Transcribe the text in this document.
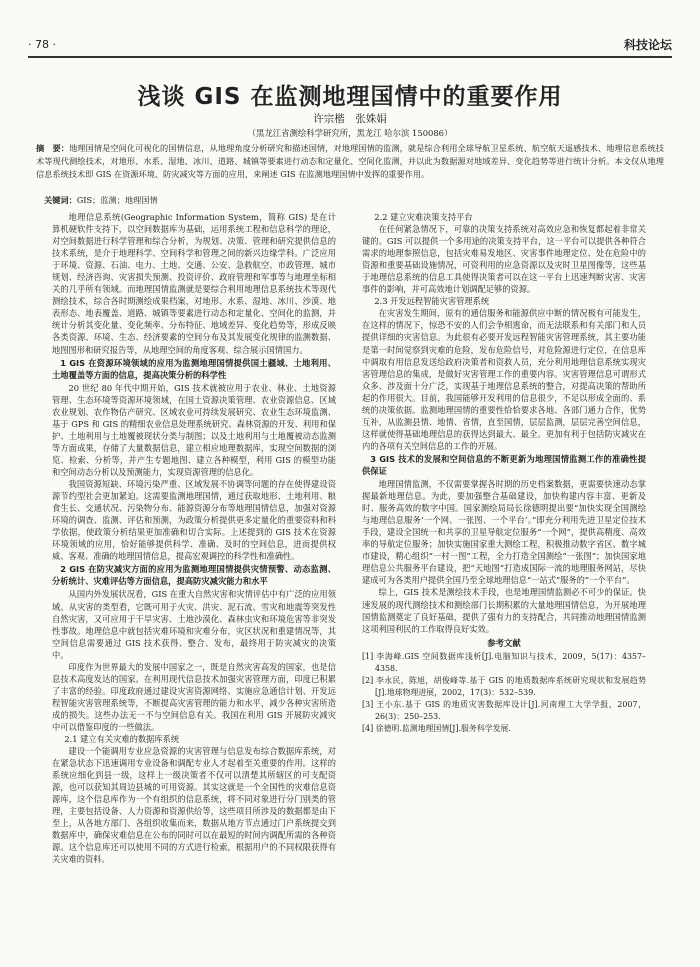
· 78 ·	科技论坛
浅谈 GIS 在监测地理国情中的重要作用
许宗楷　张姝娟
（黑龙江省测绘科学研究所，黑龙江 哈尔滨 150086）
摘　要：地理国情是空间化可视化的国情信息，从地理角度分析研究和描述国情，对地理国情的监测，就是综合利用全球导航卫星系统、航空航天遥感技术、地理信息系统技术等现代测绘技术，对地形、水系、湿地、冰川、道路、城镇等要素进行动态和定量化、空间化监测，并以此为数据源对地域差异、变化趋势等进行统计分析。本文仅从地理信息系统技术即 GIS 在资源环境、防灾减灾等方面的应用，来阐述 GIS 在监测地理国情中发挥的重要作用。
关键词：GIS；监测；地理国情

地理信息系统(Geographic Information System，简称 GIS) 是在计算机硬软件支持下，以空间数据库为基础，运用系统工程和信息科学的理论，对空间数据进行科学管理和综合分析，为规划、决策、管理和研究提供信息的技术系统，是介于地理科学、空间科学和管理之间的新兴边缘学科。广泛应用于环境、资源、石油、电力、土地、交通、公安、急救航空、市政管理、城市规划、经济咨询、灾害损失预测、投资评价、政府管理和军事等与地理坐标相关的几乎所有领域。而地理国情监测就是要综合利用地理信息系统技术等现代测绘技术，综合各时期测绘成果档案，对地形、水系、湿地、冰川、沙漠、地表形态、地表覆盖、道路、城镇等要素进行动态和定量化、空间化的监测，并统计分析其变化量、变化频率、分布特征、地域差异、变化趋势等，形成反映各类资源、环境、生态、经济要素的空间分布及其发展变化规律的监测数据、地图图形和研究报告等，从地理空间的角度客观、综合展示国情国力。

1 GIS 在资源环境领域的应用为监测地理国情提供国土疆域、土地利用、土地覆盖等方面的信息，提高决策分析的科学性

20 世纪 80 年代中期开始，GIS 技术就被应用于农业、林业、土地资源管理、生态环境等资源环境领域，在国土资源决策管理、农业资源信息、区域农业规划、农作物估产研究、区域农业可持续发展研究、农业生态环境监测、基于 GPS 和 GIS 的精细农业信息处理系统研究、森林资源的开发、利用和保护、土地利用与土地覆被现状分类与制图；以及土地利用与土地覆被动态监测等方面成果，存储了大量数据信息，建立相应地理数据库，实现空间数据的浏览、检索、分析等，并产生专题地图、建立各种模型，利用 GIS 的模型功能和空间动态分析以及预测能力，实现资源管理的信息化。

我国资源短缺、环境污染严重、区域发展不协调等问题的存在使得建设资源节约型社会更加紧迫。这需要监测地理国情，通过获取地形、土地利用、粮食生长、交通状况、污染物分布、能源资源分布等地理国情信息，加强对资源环境的调查、监测、评估和预测，为政策分析提供更多定量化的重要资料和科学依据，使政策分析结果更加准确和切合实际。上述提到的 GIS 技术在资源环境领域的应用，恰好能够提供科学、准确、及时的空间信息，进而提供权威、客观、准确的地理国情信息，提高宏观调控的科学性和准确性。

2 GIS 在防灾减灾方面的应用为监测地理国情提供灾情预警、动态监测、分析统计、灾难评估等方面信息，提高防灾减灾能力和水平

从国内外发展状况看，GIS 在重大自然灾害和灾情评估中有广泛的应用领域。从灾害的类型看，它既可用于火灾、洪灾、泥石流、雪灾和地震等突发性自然灾害，又可应用于干旱灾害、土地沙漠化、森林虫灾和环境危害等非突发性事故。地理信息中就包括灾难环境和灾难分布，灾区状况和重建情况等，其空间信息需要通过 GIS 技术获得、整合、发布，最终用于防灾减灾的决策中。

印度作为世界最大的发展中国家之一，既是自然灾害高发的国家，也是信息技术高度发达的国家。在利用现代信息技术加强灾害管理方面，印度已积累了丰富的经验。印度政府通过建设灾害资源网络、实施应急通信计划、开发远程智能灾害管理系统等，不断提高灾害管理的能力和水平，减少各种灾害所造成的损失。这些办法无一不与空间信息有关。我国在利用 GIS 开展防灾减灾中可以借鉴印度的一些做法。

2.1 建立有关灾难的数据库系统

建设一个能调用专业应急资源的灾害管理与信息发布综合数据库系统，对在紧急状态下迅速调用专业设备和调配专业人才起着至关重要的作用。这样的系统应细化到县一级，这样上一级决策者不仅可以清楚其所辖区的可支配资源，也可以获知其周边县城的可用资源。其实这就是一个全国性的灾难信息资源库，这个信息库作为一个有组织的信息系统，将不同对象进行分门别类的管理，主要包括设备、人力资源和资源供给等，这些项目所涉及的数据都是由下至上，从各地方部门、各组织收集而来，数据从地方节点通过门户系统提交到数据库中，确保灾难信息在公布的同时可以在最短的时间内调配所需的各种资源。这个信息库还可以使用不同的方式进行检索，根据用户的不同权限获得有关灾难的资料。

2.2 建立灾难决策支持平台

在任何紧急情况下，可靠的决策支持系统对高效应急和恢复都起着非常关键的。GIS 可以提供一个多用途的决策支持平台，这一平台可以提供各种符合需求的地理参照信息，包括灾难易发地区、灾害事件地理定位、处在危险中的资源和重要基础设施情况，可资利用的应急资源以及灾时卫星图像等，这些基于地理信息系统的信息工具使得决策者可以在这一平台上迅速判断灾害、灾害事件的影响，并可高效地计划调配足够的资源。

2.3 开发远程智能灾害管理系统

在灾害发生期间，原有的通信服务和能源供应中断的情况极有可能发生，在这样的情况下，惊恐不安的人们会争相逃命，而无法联系和有关部门和人员提供详细的灾害信息。为此很有必要开发远程智能灾害管理系统，其主要功能是第一时间觉察到灾难的危险，发布危险信号，对危险源进行定位，在信息库中调取有用信息发送给政府决策者和资救人员，充分利用地理信息系统实现灾害管理信息的集成，是做好灾害管理工作的重要内容。灾害管理信息可谓形式众多、涉及面十分广泛，实现基于地理信息系统的整合，对提高决策的帮助所起的作用很大。目前，我国能够开发利用的信息很少，不足以形成全面的、系统的决策依据。监测地理国情的重要性恰恰要求各地、各部门通力合作，优势互补，从监测县情、地情、省情，直至国情，层层监测，层层完善空间信息，这样就使得基础地理信息的获得达到最大、最全。更加有利于包括防灾减灾在内的各项有关空间信息的工作的开展。

3 GIS 技术的发展和空间信息的不断更新为地理国情监测工作的准确性提供保证

地理国情监测，不仅需要掌握各时期的历史档案数据，更需要快速动态掌握最新地理信息。为此，要加强整合基础建设，加快构建内容丰富、更新及时、服务高效的数字中国。国家测绘局局长徐德明提出要“加快实现全国测绘与地理信息服务‘一个网、一张图、一个平台’。”即充分利用先进卫星定位技术手段，建设全国统一和共享的卫星导航定位服务“一个网”，提供高精度、高效率的导航定位服务；加快实施国家重大测绘工程，积极推动数字省区、数字城市建设，精心组织“一村一图”工程，全力打造全国测绘“一张图”；加快国家地理信息公共服务平台建设，把“天地图”打造成国际一流的地理服务网站，尽快建成可为各类用户提供全国乃至全球地理信息“一站式”服务的“一个平台”。

综上，GIS 技术是测绘技术手段，也是地理国情监测必不可少的保证。快速发展的现代测绘技术和测绘部门长期积累的大量地理国情信息，为开展地理国情监测奠定了良好基础，提供了强有力的支持配合，共同推动地理国情监测这项利国利民的工作取得良好实效。

参考文献
[1] 李海峰.GIS 空间数据库浅析[J].电脑知识与技术，2009，5(17)：4357–4358.
[2] 李永民，陈旭，胡俊峰等.基于 GIS 的地质数据库系统研究现状和发展趋势[J].地球物理进展，2002，17(3)：532–539.
[3] 王小东.基于 GIS 的地质灾害数据库设计[J].河南理工大学学报，2007，26(3)：250–253.
[4] 徐德明.监测地理国情[J].服务科学发展.
